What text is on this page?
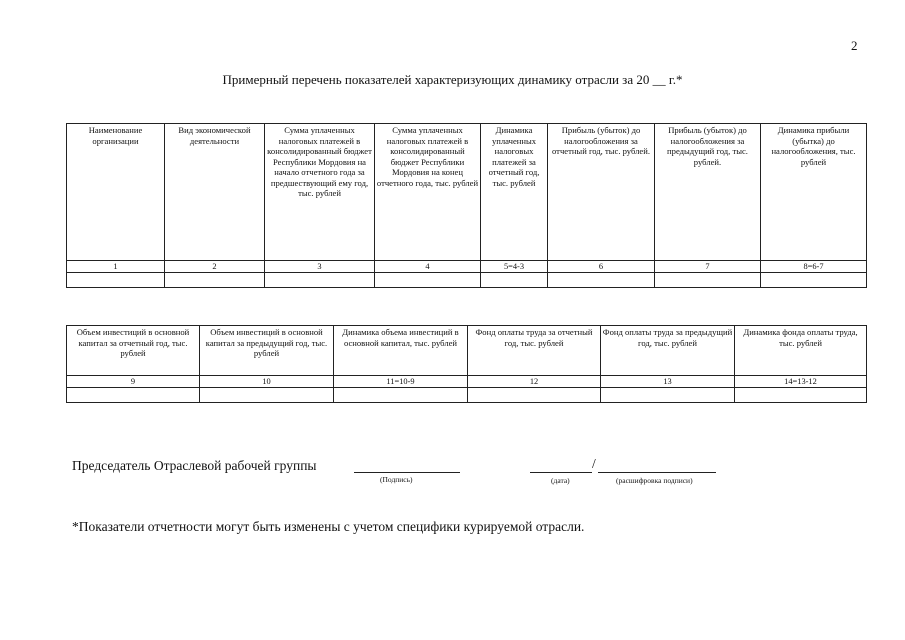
2
Примерный перечень показателей характеризующих динамику отрасли за 20 __ г.*
Наименование организации	Вид экономической деятельности	Сумма уплаченных налоговых платежей в консолидированный бюджет Республики Мордовия на начало отчетного года за предшествующий ему год, тыс. рублей	Сумма уплаченных налоговых платежей в консолидированный бюджет Республики Мордовия на конец отчетного года, тыс. рублей	Динамика уплаченных налоговых платежей за отчетный год, тыс. рублей	Прибыль (убыток) до налогообложения за отчетный год, тыс. рублей.	Прибыль (убыток) до налогообложения за предыдущий год, тыс. рублей.	Динамика прибыли (убытка) до налогообложения, тыс. рублей
1	2	3	4	5=4-3	6	7	8=6-7

Объем инвестиций в основной капитал за отчетный год, тыс. рублей	Объем инвестиций в основной капитал за предыдущий год, тыс. рублей	Динамика объема инвестиций в основной капитал, тыс. рублей	Фонд оплаты труда за отчетный год, тыс. рублей	Фонд оплаты труда за предыдущий год, тыс. рублей	Динамика фонда оплаты труда, тыс. рублей
9	10	11=10-9	12	13	14=13-12

Председатель Отраслевой рабочей группы	/
(Подпись)	(дата)	(расшифровка подписи)
*Показатели отчетности могут быть изменены с учетом специфики курируемой отрасли.
